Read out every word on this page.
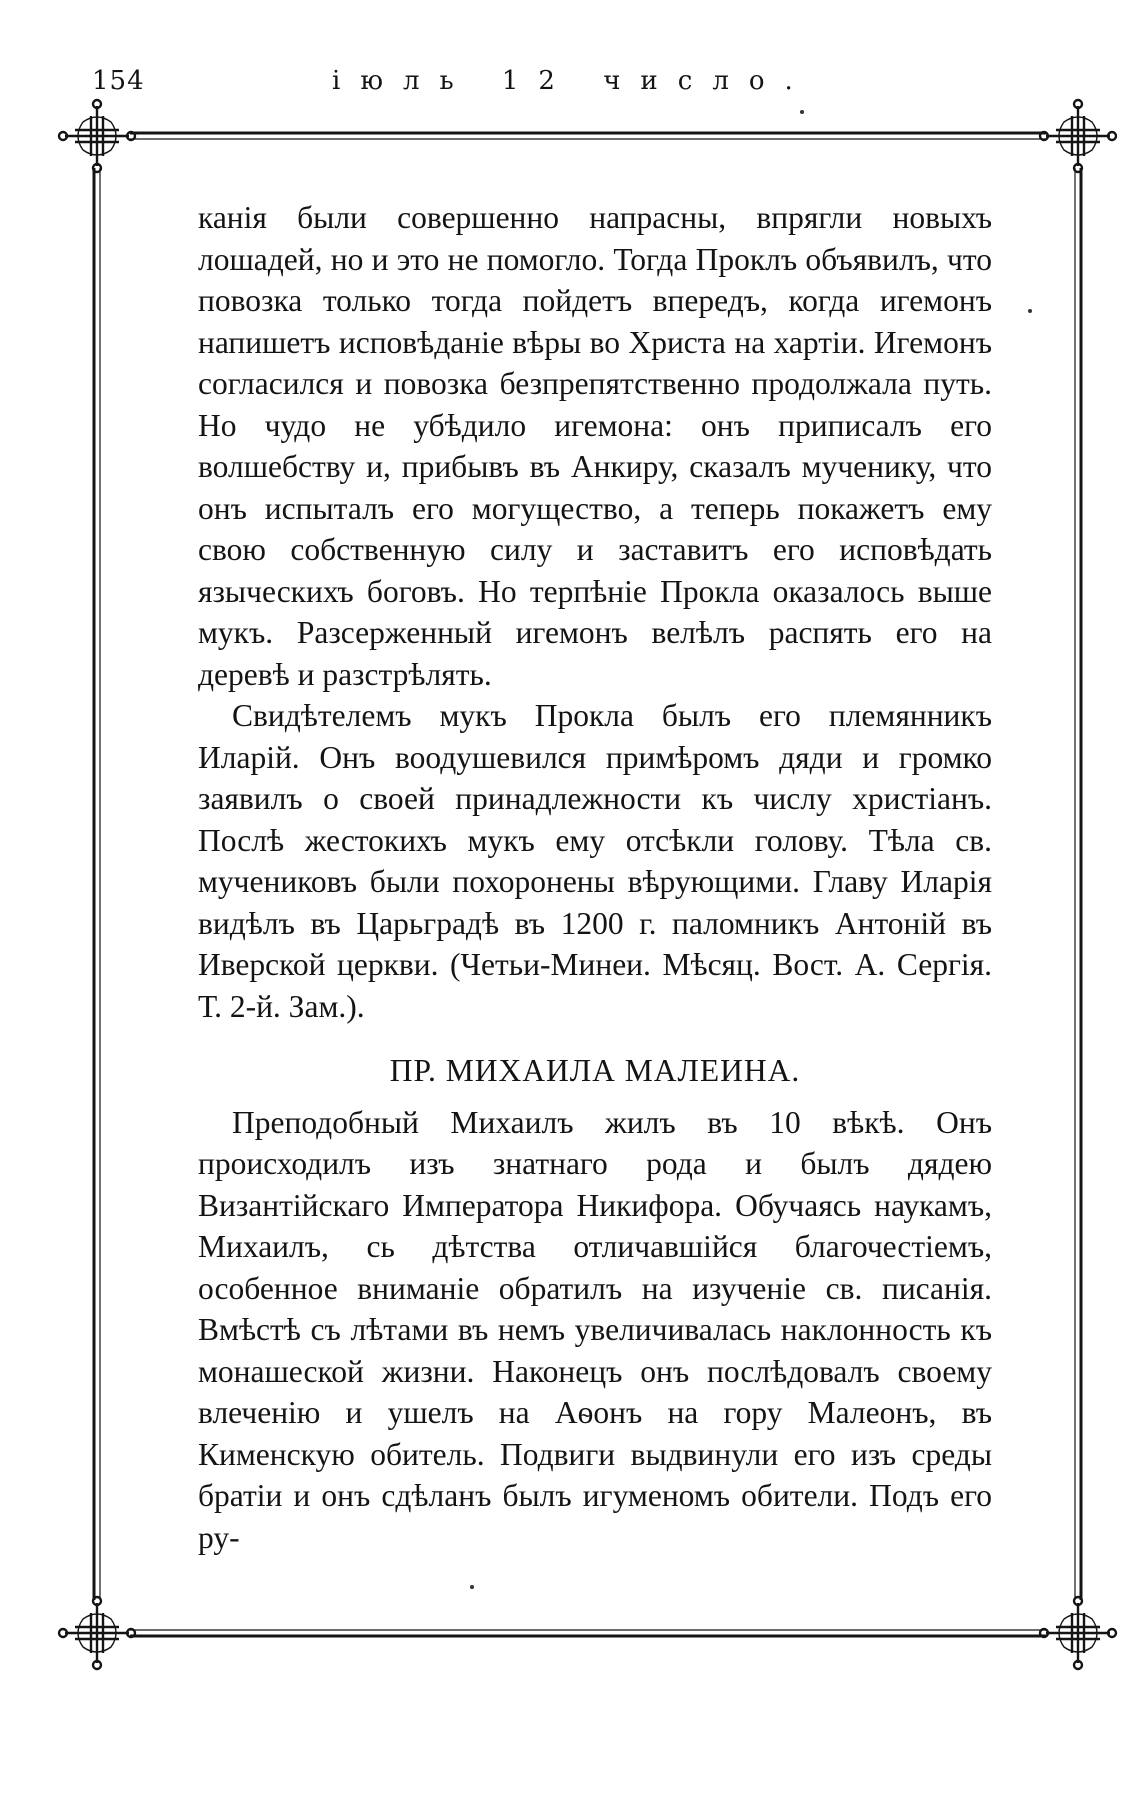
154	іюль 12 число.

канія были совершенно напрасны, впрягли новыхъ лошадей, но и это не помогло. Тогда Проклъ объявилъ, что повозка только тогда пойдетъ впередъ, когда игемонъ напишетъ исповѣданіе вѣры во Христа на хартіи. Игемонъ согласился и повозка безпрепятственно продолжала путь. Но чудо не убѣдило игемона: онъ приписалъ его волшебству и, прибывъ въ Анкиру, сказалъ мученику, что онъ испыталъ его могущество, а теперь покажетъ ему свою собственную силу и заставитъ его исповѣдать языческихъ боговъ. Но терпѣніе Прокла оказалось выше мукъ. Разсерженный игемонъ велѣлъ распять его на деревѣ и разстрѣлять.

Свидѣтелемъ мукъ Прокла былъ его племянникъ Иларій. Онъ воодушевился примѣромъ дяди и громко заявилъ о своей принадлежности къ числу христіанъ. Послѣ жестокихъ мукъ ему отсѣкли голову. Тѣла св. мучениковъ были похоронены вѣрующими. Главу Иларія видѣлъ въ Царьградѣ въ 1200 г. паломникъ Антоній въ Иверской церкви. (Четьи-Минеи. Мѣсяц. Вост. А. Сергія. Т. 2-й. Зам.).

ПР. МИХАИЛА МАЛЕИНА.

Преподобный Михаилъ жилъ въ 10 вѣкѣ. Онъ происходилъ изъ знатнаго рода и былъ дядею Византійскаго Императора Никифора. Обучаясь наукамъ, Михаилъ, сь дѣтства отличавшійся благочестіемъ, особенное вниманіе обратилъ на изученіе св. писанія. Вмѣстѣ съ лѣтами въ немъ увеличивалась наклонность къ монашеской жизни. Наконецъ онъ послѣдовалъ своему влеченію и ушелъ на Аѳонъ на гору Малеонъ, въ Кименскую обитель. Подвиги выдвинули его изъ среды братіи и онъ сдѣланъ былъ игуменомъ обители. Подъ его ру-
